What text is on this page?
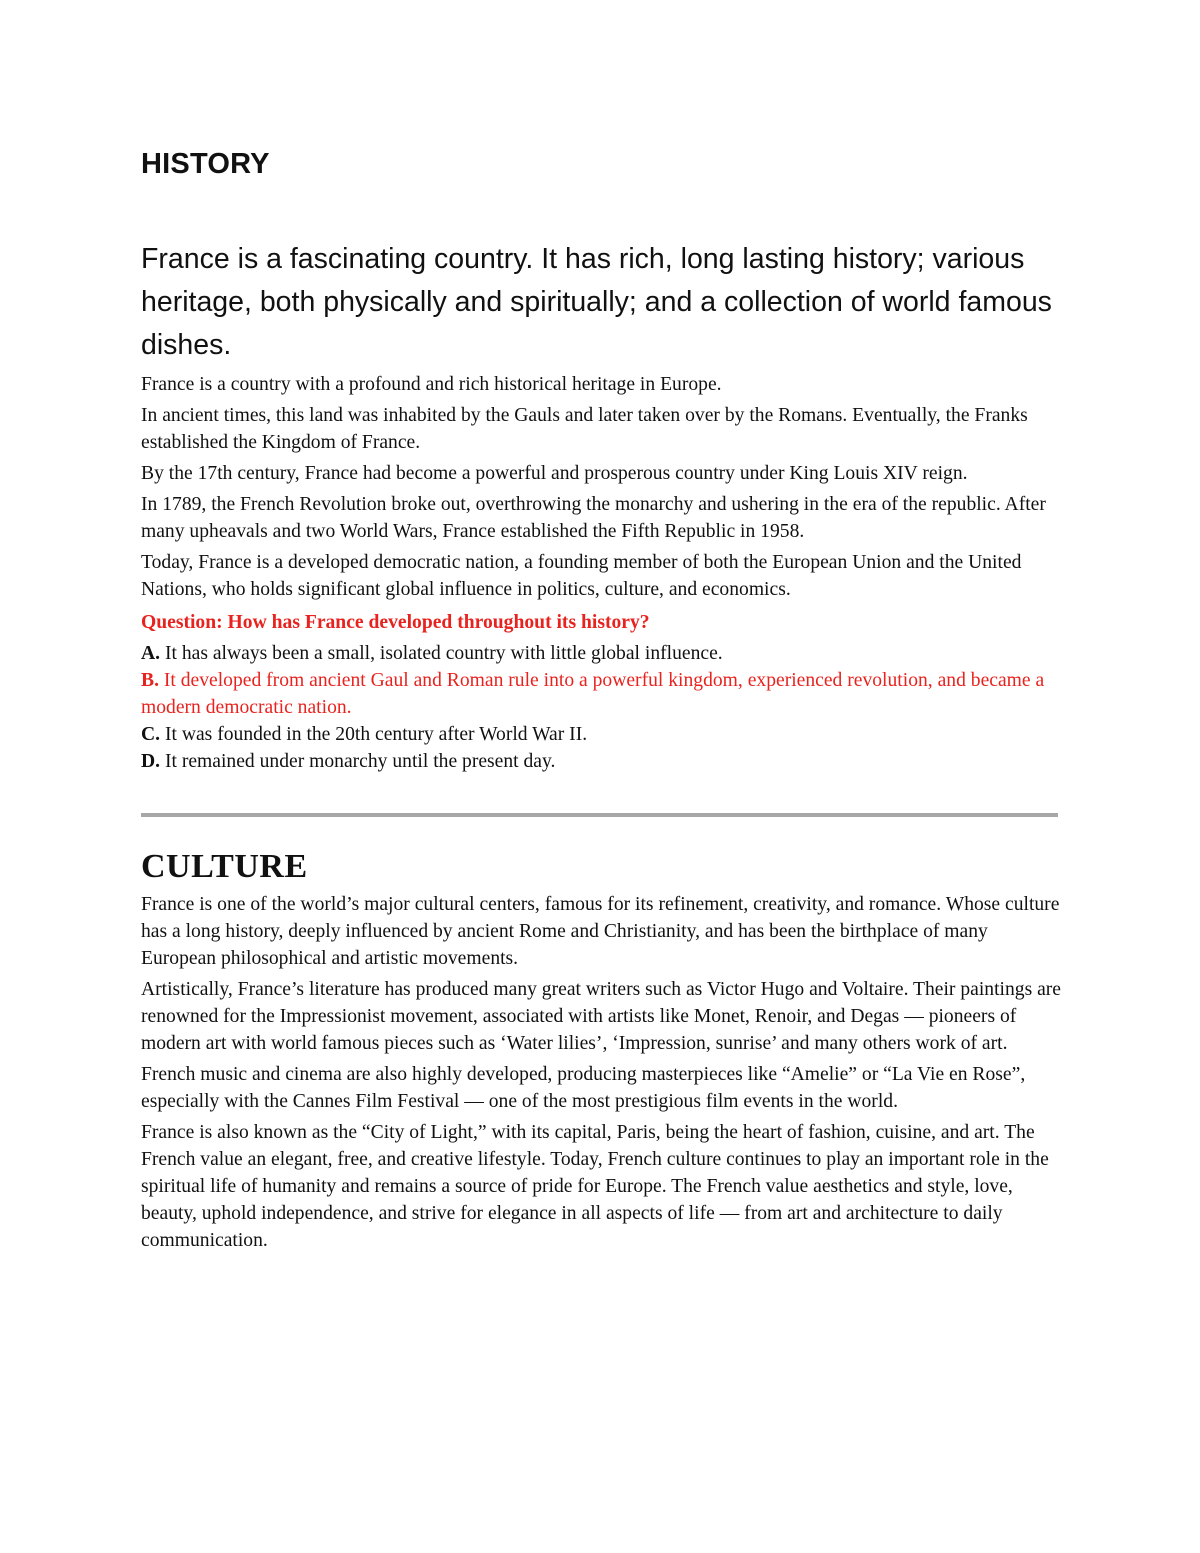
HISTORY

France is a fascinating country. It has rich, long lasting history; various heritage, both physically and spiritually; and a collection of world famous dishes.

France is a country with a profound and rich historical heritage in Europe.

In ancient times, this land was inhabited by the Gauls and later taken over by the Romans. Eventually, the Franks established the Kingdom of France.

By the 17th century, France had become a powerful and prosperous country under King Louis XIV reign.

In 1789, the French Revolution broke out, overthrowing the monarchy and ushering in the era of the republic. After many upheavals and two World Wars, France established the Fifth Republic in 1958.

Today, France is a developed democratic nation, a founding member of both the European Union and the United Nations, who holds significant global influence in politics, culture, and economics.

Question: How has France developed throughout its history?

A. It has always been a small, isolated country with little global influence.

B. It developed from ancient Gaul and Roman rule into a powerful kingdom, experienced revolution, and became a modern democratic nation.

C. It was founded in the 20th century after World War II.

D. It remained under monarchy until the present day.

CULTURE

France is one of the world’s major cultural centers, famous for its refinement, creativity, and romance. Whose culture has a long history, deeply influenced by ancient Rome and Christianity, and has been the birthplace of many European philosophical and artistic movements.

Artistically, France’s literature has produced many great writers such as Victor Hugo and Voltaire. Their paintings are renowned for the Impressionist movement, associated with artists like Monet, Renoir, and Degas — pioneers of modern art with world famous pieces such as ‘Water lilies’, ‘Impression, sunrise’ and many others work of art.

French music and cinema are also highly developed, producing masterpieces like “Amelie” or “La Vie en Rose”, especially with the Cannes Film Festival — one of the most prestigious film events in the world.

France is also known as the “City of Light,” with its capital, Paris, being the heart of fashion, cuisine, and art. The French value an elegant, free, and creative lifestyle. Today, French culture continues to play an important role in the spiritual life of humanity and remains a source of pride for Europe. The French value aesthetics and style, love, beauty, uphold independence, and strive for elegance in all aspects of life — from art and architecture to daily communication.
